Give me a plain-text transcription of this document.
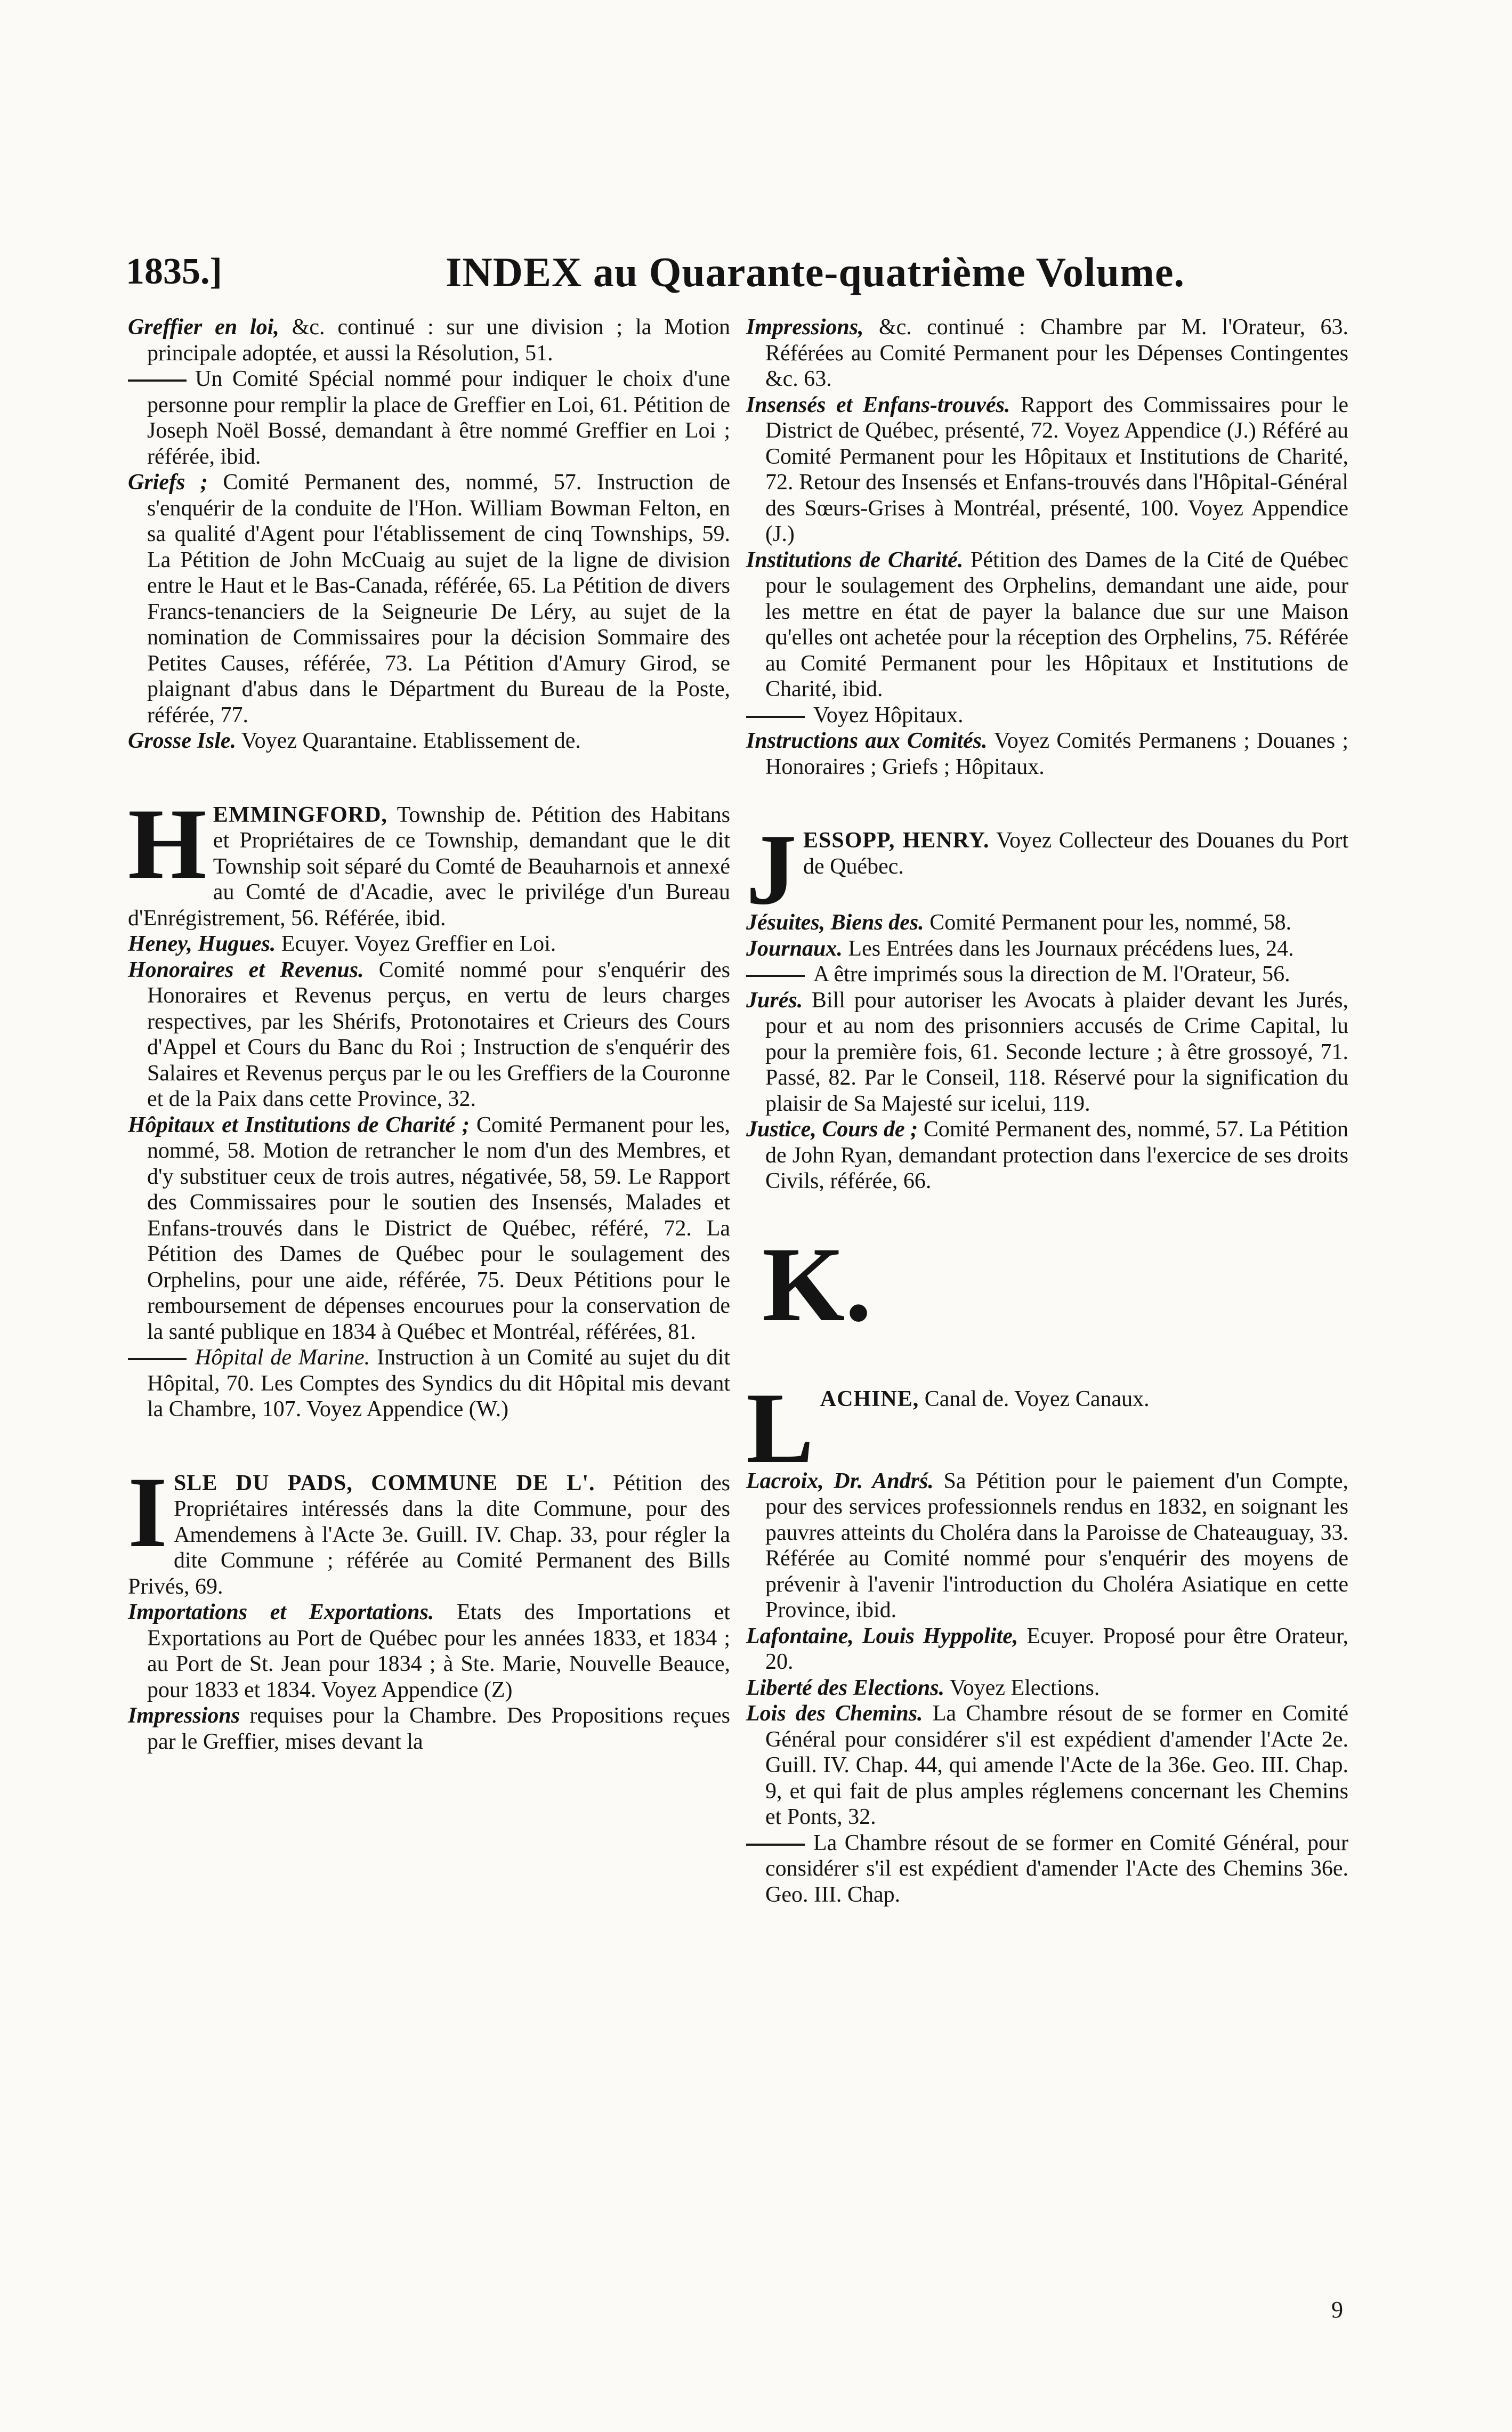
1835.]	INDEX au Quarante-quatrième Volume.

Greffier en loi, &c. continué : sur une division ; la Motion principale adoptée, et aussi la Résolution, 51.

Un Comité Spécial nommé pour indiquer le choix d'une personne pour remplir la place de Greffier en Loi, 61. Pétition de Joseph Noël Bossé, demandant à être nommé Greffier en Loi ; référée, ibid.

Griefs ; Comité Permanent des, nommé, 57. Instruction de s'enquérir de la conduite de l'Hon. William Bowman Felton, en sa qualité d'Agent pour l'établissement de cinq Townships, 59. La Pétition de John McCuaig au sujet de la ligne de division entre le Haut et le Bas-Canada, référée, 65. La Pétition de divers Francs-tenanciers de la Seigneurie De Léry, au sujet de la nomination de Commissaires pour la décision Sommaire des Petites Causes, référée, 73. La Pétition d'Amury Girod, se plaignant d'abus dans le Départment du Bureau de la Poste, référée, 77.

Grosse Isle. Voyez Quarantaine. Etablissement de.

HEMMINGFORD, Township de. Pétition des Habitans et Propriétaires de ce Township, demandant que le dit Township soit séparé du Comté de Beauharnois et annexé au Comté de d'Acadie, avec le privilége d'un Bureau d'Enrégistrement, 56. Référée, ibid.

Heney, Hugues. Ecuyer. Voyez Greffier en Loi.

Honoraires et Revenus. Comité nommé pour s'enquérir des Honoraires et Revenus perçus, en vertu de leurs charges respectives, par les Shérifs, Protonotaires et Crieurs des Cours d'Appel et Cours du Banc du Roi ; Instruction de s'enquérir des Salaires et Revenus perçus par le ou les Greffiers de la Couronne et de la Paix dans cette Province, 32.

Hôpitaux et Institutions de Charité ; Comité Permanent pour les, nommé, 58. Motion de retrancher le nom d'un des Membres, et d'y substituer ceux de trois autres, négativée, 58, 59. Le Rapport des Commissaires pour le soutien des Insensés, Malades et Enfans-trouvés dans le District de Québec, référé, 72. La Pétition des Dames de Québec pour le soulagement des Orphelins, pour une aide, référée, 75. Deux Pétitions pour le remboursement de dépenses encourues pour la conservation de la santé publique en 1834 à Québec et Montréal, référées, 81.

Hôpital de Marine. Instruction à un Comité au sujet du dit Hôpital, 70. Les Comptes des Syndics du dit Hôpital mis devant la Chambre, 107. Voyez Appendice (W.)

ISLE DU PADS, COMMUNE DE L'. Pétition des Propriétaires intéressés dans la dite Commune, pour des Amendemens à l'Acte 3e. Guill. IV. Chap. 33, pour régler la dite Commune ; référée au Comité Permanent des Bills Privés, 69.

Importations et Exportations. Etats des Importations et Exportations au Port de Québec pour les années 1833, et 1834 ; au Port de St. Jean pour 1834 ; à Ste. Marie, Nouvelle Beauce, pour 1833 et 1834. Voyez Appendice (Z)

Impressions requises pour la Chambre. Des Propositions reçues par le Greffier, mises devant la

Impressions, &c. continué : Chambre par M. l'Orateur, 63. Référées au Comité Permanent pour les Dépenses Contingentes &c. 63.

Insensés et Enfans-trouvés. Rapport des Commissaires pour le District de Québec, présenté, 72. Voyez Appendice (J.) Référé au Comité Permanent pour les Hôpitaux et Institutions de Charité, 72. Retour des Insensés et Enfans-trouvés dans l'Hôpital-Général des Sœurs-Grises à Montréal, présenté, 100. Voyez Appendice (J.)

Institutions de Charité. Pétition des Dames de la Cité de Québec pour le soulagement des Orphelins, demandant une aide, pour les mettre en état de payer la balance due sur une Maison qu'elles ont achetée pour la réception des Orphelins, 75. Référée au Comité Permanent pour les Hôpitaux et Institutions de Charité, ibid.

Voyez Hôpitaux.

Instructions aux Comités. Voyez Comités Permanens ; Douanes ; Honoraires ; Griefs ; Hôpitaux.

JESSOPP, HENRY. Voyez Collecteur des Douanes du Port de Québec.

Jésuites, Biens des. Comité Permanent pour les, nommé, 58.

Journaux. Les Entrées dans les Journaux précédens lues, 24.

A être imprimés sous la direction de M. l'Orateur, 56.

Jurés. Bill pour autoriser les Avocats à plaider devant les Jurés, pour et au nom des prisonniers accusés de Crime Capital, lu pour la première fois, 61. Seconde lecture ; à être grossoyé, 71. Passé, 82. Par le Conseil, 118. Réservé pour la signification du plaisir de Sa Majesté sur icelui, 119.

Justice, Cours de ; Comité Permanent des, nommé, 57. La Pétition de John Ryan, demandant protection dans l'exercice de ses droits Civils, référée, 66.

K.

LACHINE, Canal de. Voyez Canaux.

Lacroix, Dr. Andrś. Sa Pétition pour le paiement d'un Compte, pour des services professionnels rendus en 1832, en soignant les pauvres atteints du Choléra dans la Paroisse de Chateauguay, 33. Référée au Comité nommé pour s'enquérir des moyens de prévenir à l'avenir l'introduction du Choléra Asiatique en cette Province, ibid.

Lafontaine, Louis Hyppolite, Ecuyer. Proposé pour être Orateur, 20.

Liberté des Elections. Voyez Elections.

Lois des Chemins. La Chambre résout de se former en Comité Général pour considérer s'il est expédient d'amender l'Acte 2e. Guill. IV. Chap. 44, qui amende l'Acte de la 36e. Geo. III. Chap. 9, et qui fait de plus amples réglemens concernant les Chemins et Ponts, 32.

La Chambre résout de se former en Comité Général, pour considérer s'il est expédient d'amender l'Acte des Chemins 36e. Geo. III. Chap.

9
